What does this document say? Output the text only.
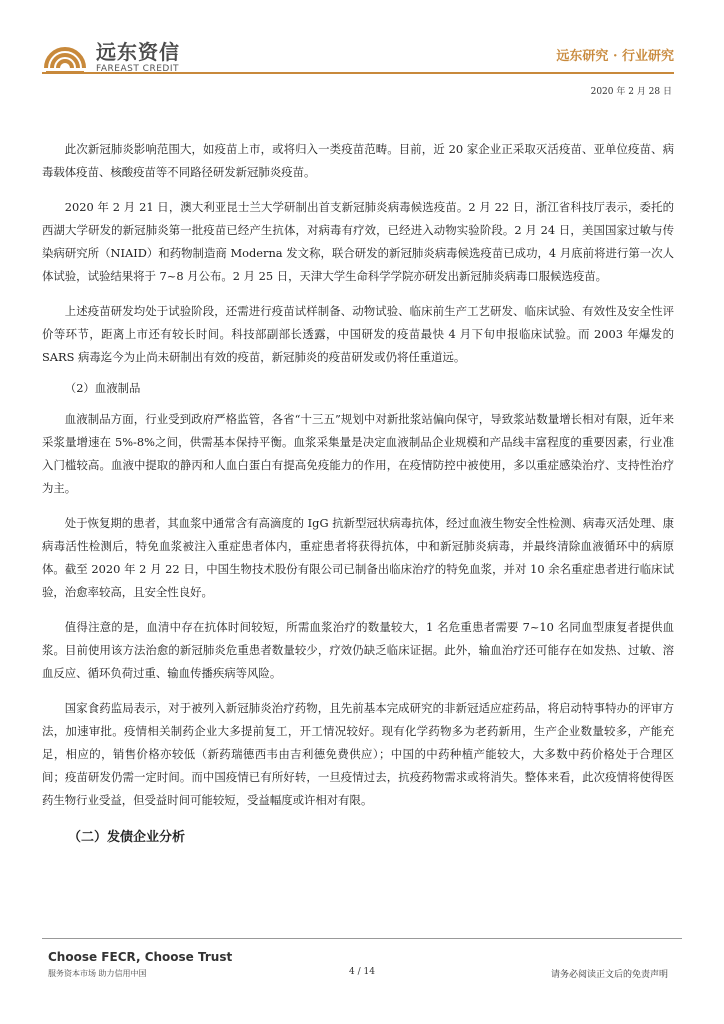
远东资信
FAREAST CREDIT
远东研究 · 行业研究
2020 年 2 月 28 日

此次新冠肺炎影响范围大，如疫苗上市，或将归入一类疫苗范畴。目前，近 20 家企业正采取灭活疫苗、亚单位疫苗、病毒载体疫苗、核酸疫苗等不同路径研发新冠肺炎疫苗。

2020 年 2 月 21 日，澳大利亚昆士兰大学研制出首支新冠肺炎病毒候选疫苗。2 月 22 日，浙江省科技厅表示，委托的西湖大学研发的新冠肺炎第一批疫苗已经产生抗体，对病毒有疗效，已经进入动物实验阶段。2 月 24 日，美国国家过敏与传染病研究所（NIAID）和药物制造商 Moderna 发文称，联合研发的新冠肺炎病毒候选疫苗已成功，4 月底前将进行第一次人体试验，试验结果将于 7~8 月公布。2 月 25 日，天津大学生命科学学院亦研发出新冠肺炎病毒口服候选疫苗。

上述疫苗研发均处于试验阶段，还需进行疫苗试样制备、动物试验、临床前生产工艺研发、临床试验、有效性及安全性评价等环节，距离上市还有较长时间。科技部副部长透露，中国研发的疫苗最快 4 月下旬申报临床试验。而 2003 年爆发的 SARS 病毒迄今为止尚未研制出有效的疫苗，新冠肺炎的疫苗研发或仍将任重道远。

（2）血液制品

血液制品方面，行业受到政府严格监管，各省“十三五”规划中对新批浆站偏向保守，导致浆站数量增长相对有限，近年来采浆量增速在 5%-8%之间，供需基本保持平衡。血浆采集量是决定血液制品企业规模和产品线丰富程度的重要因素，行业准入门槛较高。血液中提取的静丙和人血白蛋白有提高免疫能力的作用，在疫情防控中被使用，多以重症感染治疗、支持性治疗为主。

处于恢复期的患者，其血浆中通常含有高滴度的 IgG 抗新型冠状病毒抗体，经过血液生物安全性检测、病毒灭活处理、康病毒活性检测后，特免血浆被注入重症患者体内，重症患者将获得抗体，中和新冠肺炎病毒，并最终清除血液循环中的病原体。截至 2020 年 2 月 22 日，中国生物技术股份有限公司已制备出临床治疗的特免血浆，并对 10 余名重症患者进行临床试验，治愈率较高，且安全性良好。

值得注意的是，血清中存在抗体时间较短，所需血浆治疗的数量较大，1 名危重患者需要 7~10 名同血型康复者提供血浆。目前使用该方法治愈的新冠肺炎危重患者数量较少，疗效仍缺乏临床证据。此外，输血治疗还可能存在如发热、过敏、溶血反应、循环负荷过重、输血传播疾病等风险。

国家食药监局表示，对于被列入新冠肺炎治疗药物，且先前基本完成研究的非新冠适应症药品，将启动特事特办的评审方法，加速审批。疫情相关制药企业大多提前复工，开工情况较好。现有化学药物多为老药新用，生产企业数量较多，产能充足，相应的，销售价格亦较低（新药瑞德西韦由吉利德免费供应）；中国的中药种植产能较大，大多数中药价格处于合理区间；疫苗研发仍需一定时间。而中国疫情已有所好转，一旦疫情过去，抗疫药物需求或将消失。整体来看，此次疫情将使得医药生物行业受益，但受益时间可能较短，受益幅度或许相对有限。

（二）发债企业分析
Choose FECR, Choose Trust
服务资本市场 助力信用中国	4 / 14	请务必阅读正文后的免责声明
